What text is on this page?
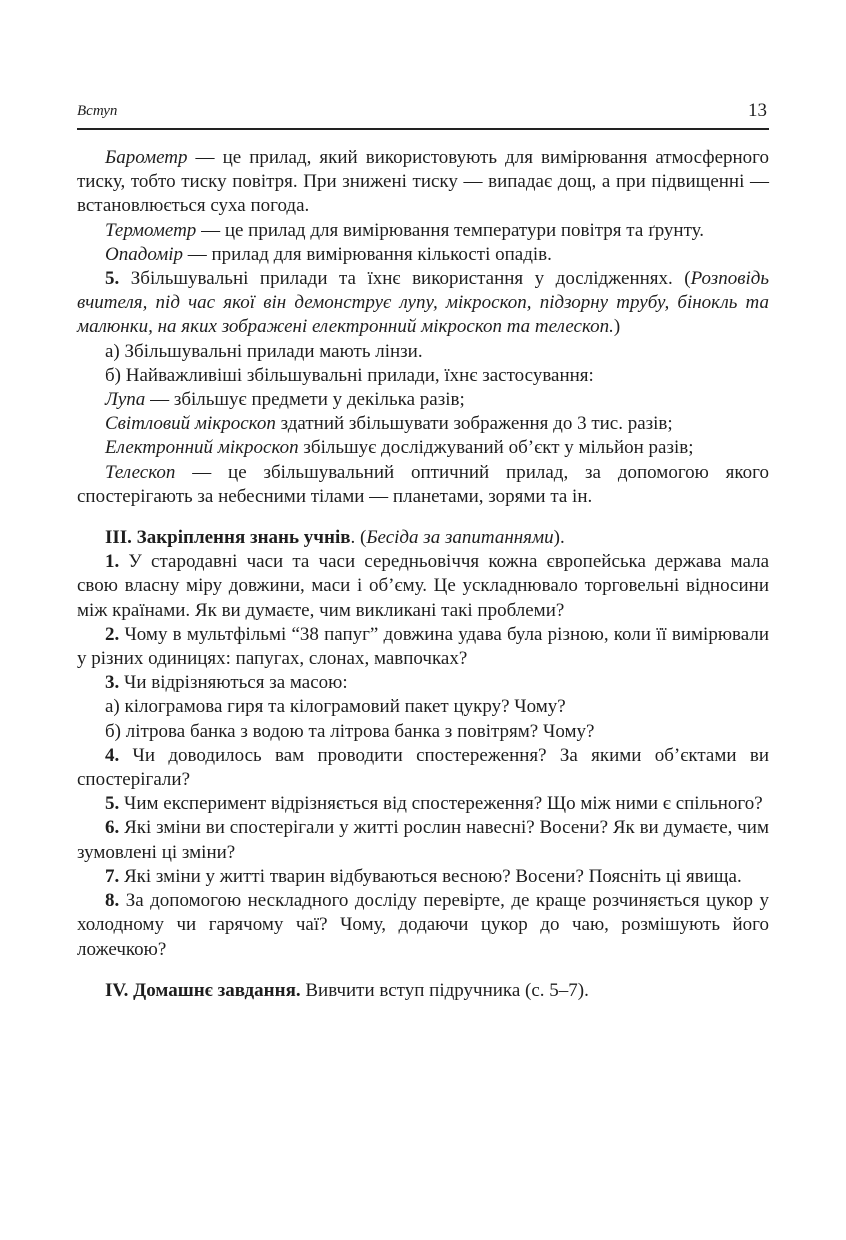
Вступ	13

Барометр — це прилад, який використовують для вимірювання атмосферного тиску, тобто тиску повітря. При знижені тиску — випадає дощ, а при підвищенні — встановлюється суха погода.

Термометр — це прилад для вимірювання температури повітря та ґрунту.

Опадомір — прилад для вимірювання кількості опадів.

5. Збільшувальні прилади та їхнє використання у дослідженнях. (Розповідь вчителя, під час якої він демонструє лупу, мікроскоп, підзорну трубу, бінокль та малюнки, на яких зображені електронний мікроскоп та телескоп.)

а) Збільшувальні прилади мають лінзи.

б) Найважливіші збільшувальні прилади, їхнє застосування:

Лупа — збільшує предмети у декілька разів;

Світловий мікроскоп здатний збільшувати зображення до 3 тис. разів;

Електронний мікроскоп збільшує досліджуваний об’єкт у мільйон разів;

Телескоп — це збільшувальний оптичний прилад, за допомогою якого спостерігають за небесними тілами — планетами, зорями та ін.

III. Закріплення знань учнів. (Бесіда за запитаннями).

1. У стародавні часи та часи середньовіччя кожна європейська держава мала свою власну міру довжини, маси і об’єму. Це ускладнювало торговельні відносини між країнами. Як ви думаєте, чим викликані такі проблеми?

2. Чому в мультфільмі “38 папуг” довжина удава була різною, коли її вимірювали у різних одиницях: папугах, слонах, мавпочках?

3. Чи відрізняються за масою:

а) кілограмова гиря та кілограмовий пакет цукру? Чому?

б) літрова банка з водою та літрова банка з повітрям? Чому?

4. Чи доводилось вам проводити спостереження? За якими об’єктами ви спостерігали?

5. Чим експеримент відрізняється від спостереження? Що між ними є спільного?

6. Які зміни ви спостерігали у житті рослин навесні? Восени? Як ви думаєте, чим зумовлені ці зміни?

7. Які зміни у житті тварин відбуваються весною? Восени? Поясніть ці явища.

8. За допомогою нескладного досліду перевірте, де краще розчиняється цукор у холодному чи гарячому чаї? Чому, додаючи цукор до чаю, розмішують його ложечкою?

IV. Домашнє завдання. Вивчити вступ підручника (с. 5–7).
